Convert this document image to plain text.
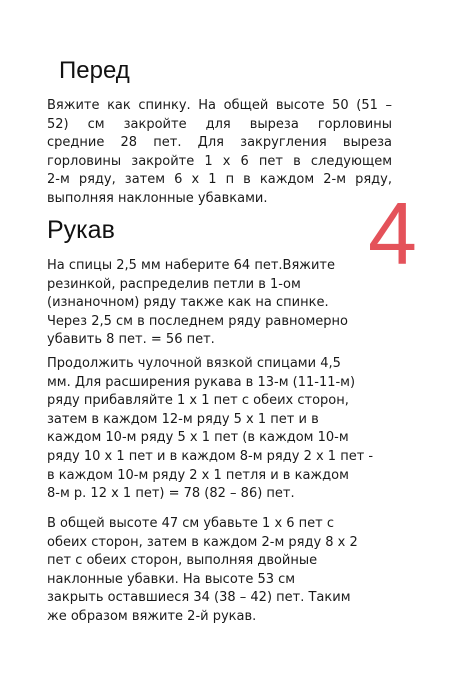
Перед
Вяжите как спинку. На общей высоте 50 (51 –
52) см закройте для выреза горловины
средние 28 пет. Для закругления выреза
горловины закройте 1 х 6 пет в следующем
2-м ряду, затем 6 х 1 п в каждом 2-м ряду,
выполняя наклонные убавками.
Рукав	4
На спицы 2,5 мм наберите 64 пет.Вяжите
резинкой, распределив петли в 1-ом
(изнаночном) ряду также как на спинке.
Через 2,5 см в последнем ряду равномерно
убавить 8 пет. = 56 пет.
Продолжить чулочной вязкой спицами 4,5
мм. Для расширения рукава в 13-м (11-11-м)
ряду прибавляйте 1 х 1 пет с обеих сторон,
затем в каждом 12-м ряду 5 х 1 пет и в
каждом 10-м ряду 5 х 1 пет (в каждом 10-м
ряду 10 х 1 пет и в каждом 8-м ряду 2 х 1 пет -
в каждом 10-м ряду 2 х 1 петля и в каждом
8-м р. 12 х 1 пет) = 78 (82 – 86) пет.
В общей высоте 47 см убавьте 1 х 6 пет с
обеих сторон, затем в каждом 2-м ряду 8 х 2
пет с обеих сторон, выполняя двойные
наклонные убавки. На высоте 53 см
закрыть оставшиеся 34 (38 – 42) пет. Таким
же образом вяжите 2-й рукав.
